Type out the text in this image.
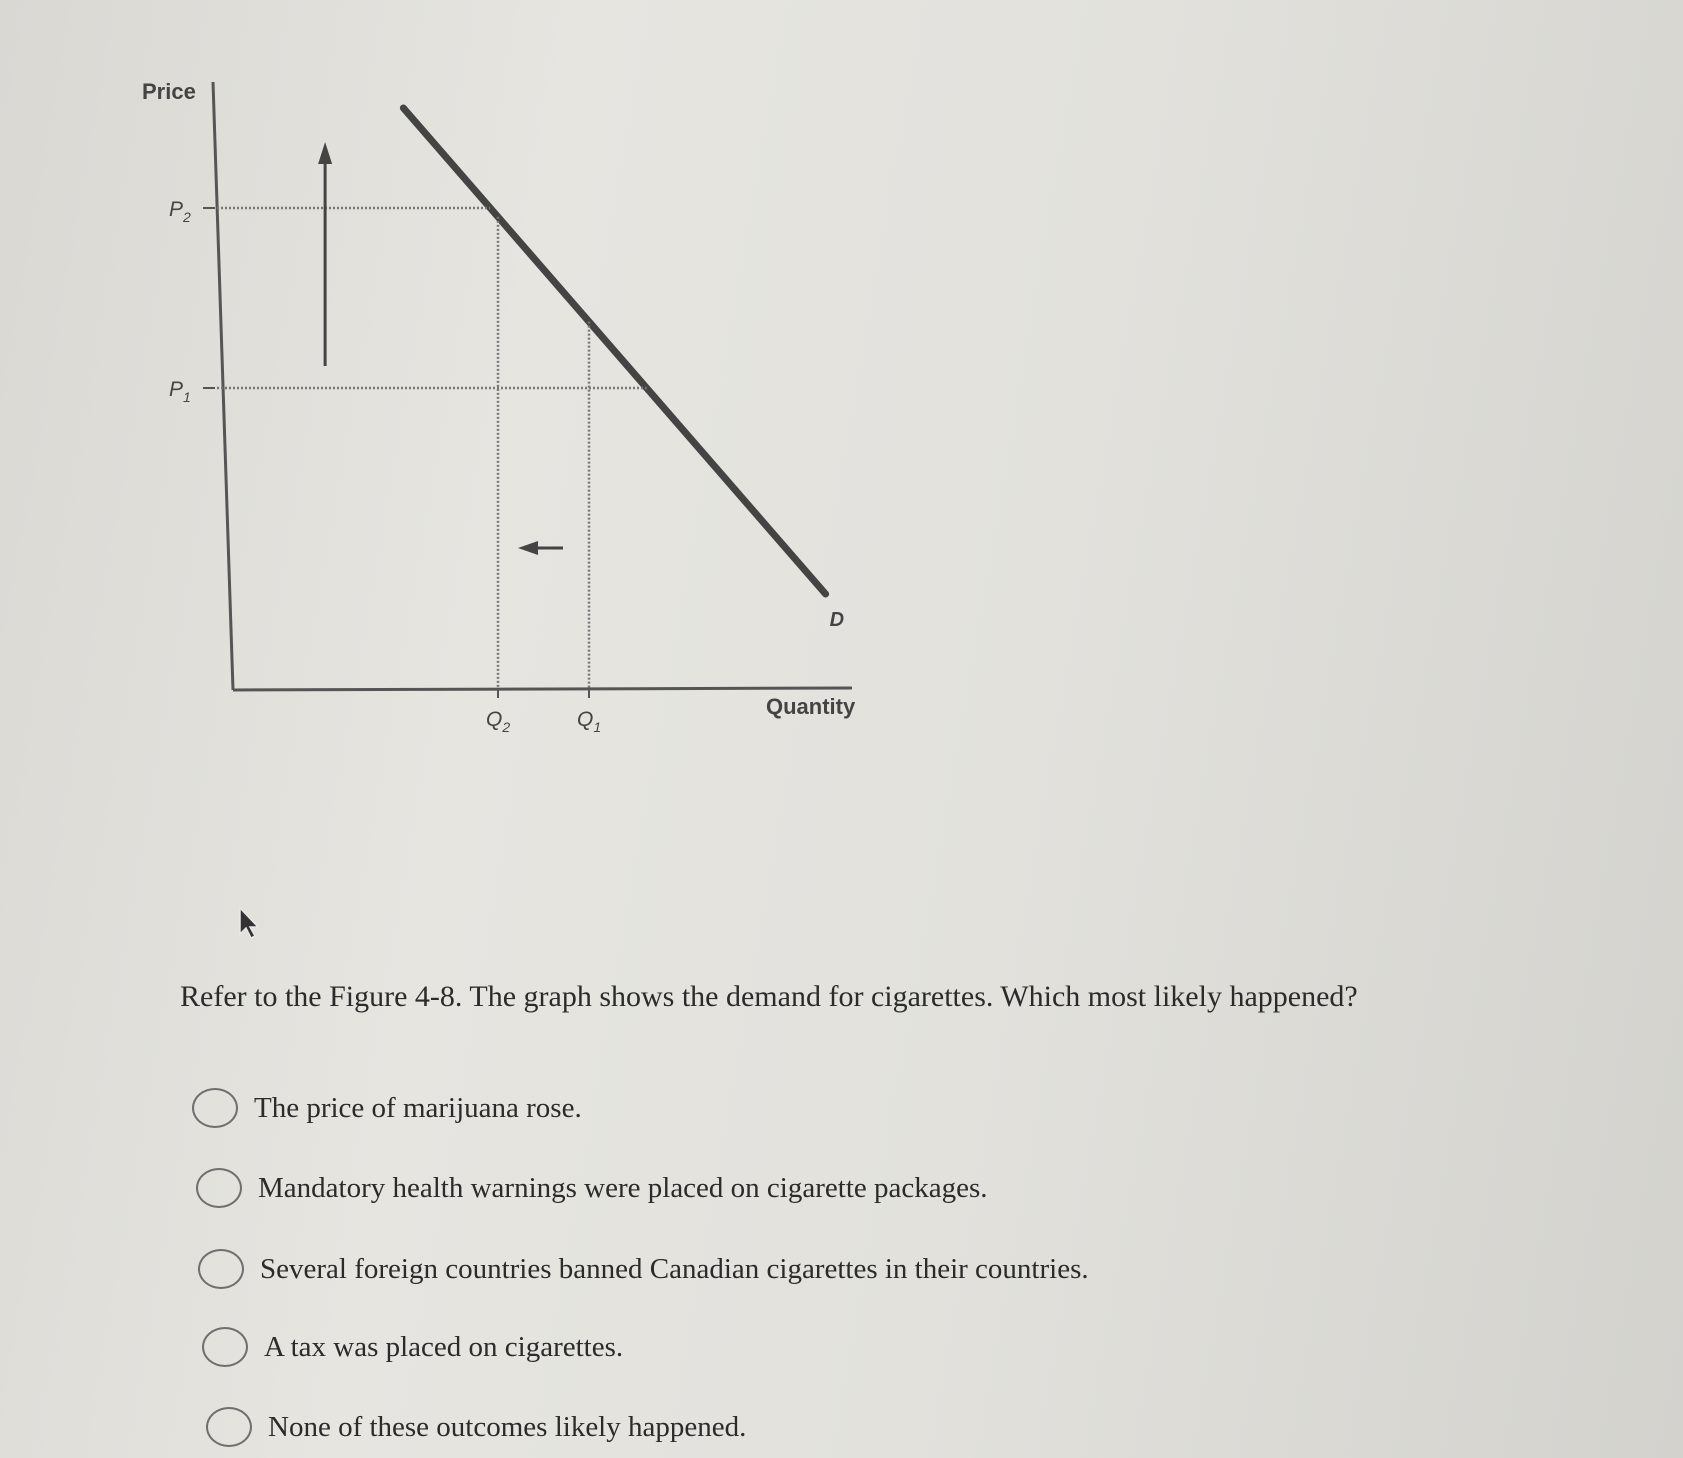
Price
Quantity
$P_2$
$P_1$
$Q_2$	$Q_1$
D
Refer to the Figure 4-8. The graph shows the demand for cigarettes. Which most likely happened?
The price of marijuana rose.
Mandatory health warnings were placed on cigarette packages.
Several foreign countries banned Canadian cigarettes in their countries.
A tax was placed on cigarettes.
None of these outcomes likely happened.
